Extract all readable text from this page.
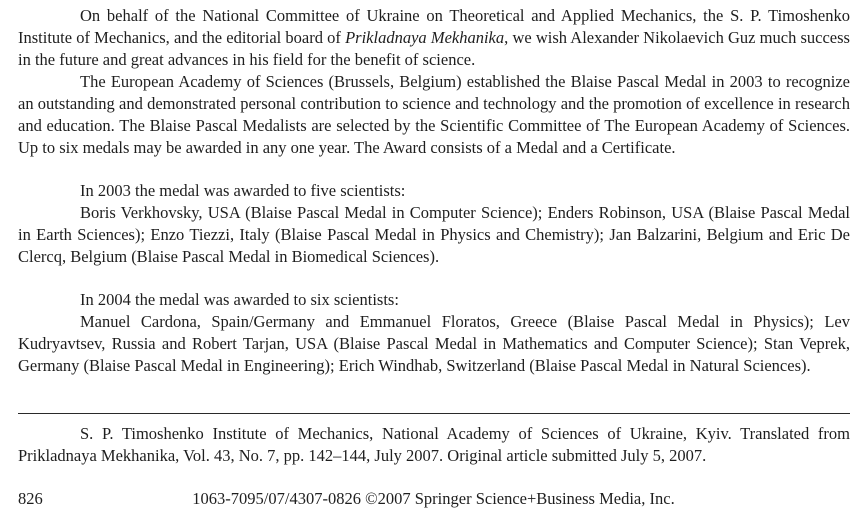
On behalf of the National Committee of Ukraine on Theoretical and Applied Mechanics, the S. P. Timoshenko Institute of Mechanics, and the editorial board of Prikladnaya Mekhanika, we wish Alexander Nikolaevich Guz much success in the future and great advances in his field for the benefit of science.

The European Academy of Sciences (Brussels, Belgium) established the Blaise Pascal Medal in 2003 to recognize an outstanding and demonstrated personal contribution to science and technology and the promotion of excellence in research and education. The Blaise Pascal Medalists are selected by the Scientific Committee of The European Academy of Sciences. Up to six medals may be awarded in any one year. The Award consists of a Medal and a Certificate.

In 2003 the medal was awarded to five scientists:

Boris Verkhovsky, USA (Blaise Pascal Medal in Computer Science); Enders Robinson, USA (Blaise Pascal Medal in Earth Sciences); Enzo Tiezzi, Italy (Blaise Pascal Medal in Physics and Chemistry); Jan Balzarini, Belgium and Eric De Clercq, Belgium (Blaise Pascal Medal in Biomedical Sciences).

In 2004 the medal was awarded to six scientists:

Manuel Cardona, Spain/Germany and Emmanuel Floratos, Greece (Blaise Pascal Medal in Physics); Lev Kudryavtsev, Russia and Robert Tarjan, USA (Blaise Pascal Medal in Mathematics and Computer Science); Stan Veprek, Germany (Blaise Pascal Medal in Engineering); Erich Windhab, Switzerland (Blaise Pascal Medal in Natural Sciences).

S. P. Timoshenko Institute of Mechanics, National Academy of Sciences of Ukraine, Kyiv. Translated from Prikladnaya Mekhanika, Vol. 43, No. 7, pp. 142–144, July 2007. Original article submitted July 5, 2007.

826	1063-7095/07/4307-0826 ©2007 Springer Science+Business Media, Inc.
